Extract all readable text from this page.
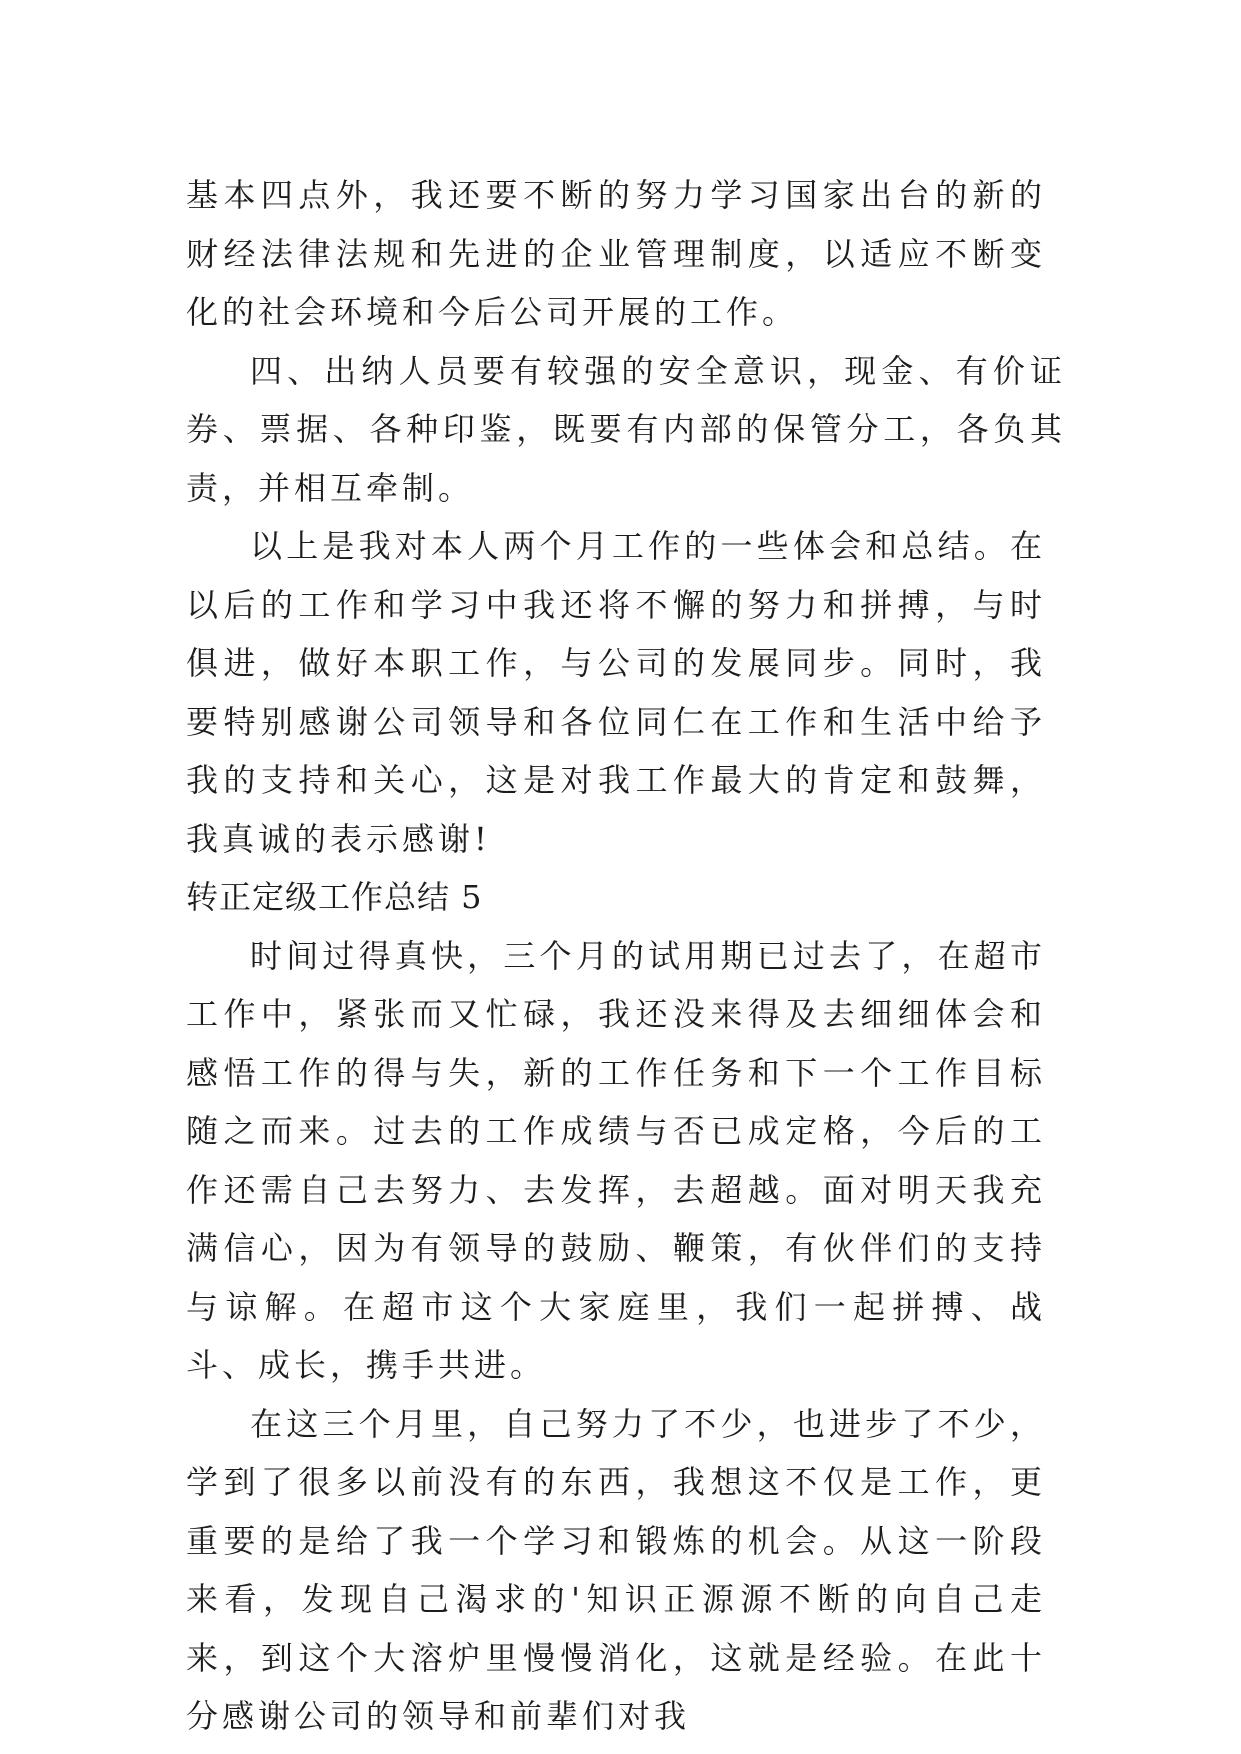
基本四点外，我还要不断的努力学习国家出台的新的财经法律法规和先进的企业管理制度，以适应不断变化的社会环境和今后公司开展的工作。

四、出纳人员要有较强的安全意识，现金、有价证券、票据、各种印鉴，既要有内部的保管分工，各负其责，并相互牵制。

以上是我对本人两个月工作的一些体会和总结。在以后的工作和学习中我还将不懈的努力和拼搏，与时俱进，做好本职工作，与公司的发展同步。同时，我要特别感谢公司领导和各位同仁在工作和生活中给予我的支持和关心，这是对我工作最大的肯定和鼓舞，我真诚的表示感谢!

转正定级工作总结 5

时间过得真快，三个月的试用期已过去了，在超市工作中，紧张而又忙碌，我还没来得及去细细体会和感悟工作的得与失，新的工作任务和下一个工作目标随之而来。过去的工作成绩与否已成定格，今后的工作还需自己去努力、去发挥，去超越。面对明天我充满信心，因为有领导的鼓励、鞭策，有伙伴们的支持与谅解。在超市这个大家庭里，我们一起拼搏、战斗、成长，携手共进。

在这三个月里，自己努力了不少，也进步了不少，学到了很多以前没有的东西，我想这不仅是工作，更重要的是给了我一个学习和锻炼的机会。从这一阶段来看，发现自己渴求的'知识正源源不断的向自己走来，到这个大溶炉里慢慢消化，这就是经验。在此十分感谢公司的领导和前辈们对我
